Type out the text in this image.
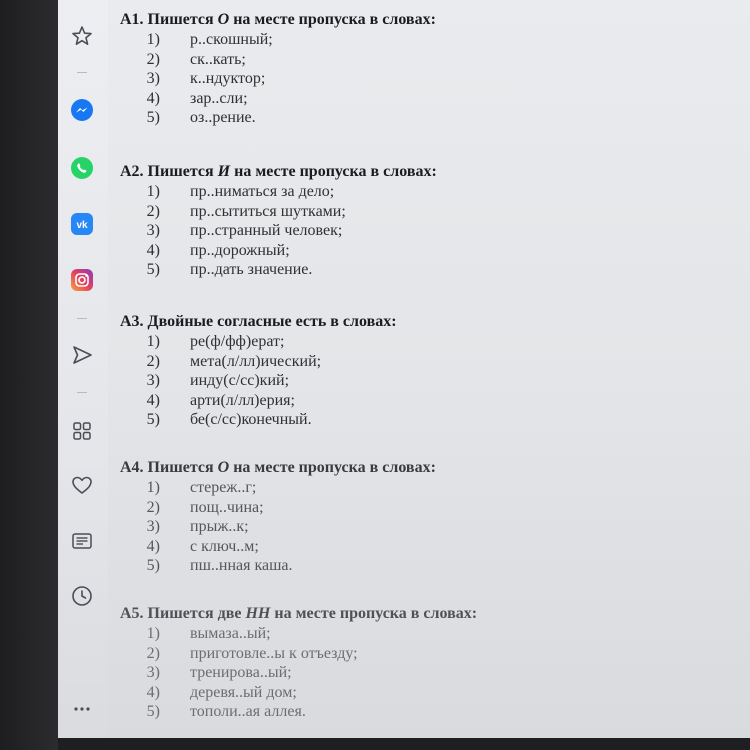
vk
A1. Пишется О на месте пропуска в словах:
1) р..скошный;
2) ск..кать;
3) к..ндуктор;
4) зар..сли;
5) оз..рение.
А2. Пишется И на месте пропуска в словах:
1) пр..ниматься за дело;
2) пр..сытиться шутками;
3) пр..странный человек;
4) пр..дорожный;
5) пр..дать значение.
А3. Двойные согласные есть в словах:
1) ре(ф/фф)ерат;
2) мета(л/лл)ический;
3) инду(с/сс)кий;
4) арти(л/лл)ерия;
5) бе(с/сс)конечный.
А4. Пишется О на месте пропуска в словах:
1) стереж..г;
2) пощ..чина;
3) прыж..к;
4) с ключ..м;
5) пш..нная каша.
А5. Пишется две НН на месте пропуска в словах:
1) вымаза..ый;
2) приготовле..ы к отъезду;
3) тренирова..ый;
4) деревя..ый дом;
5) тополи..ая аллея.
